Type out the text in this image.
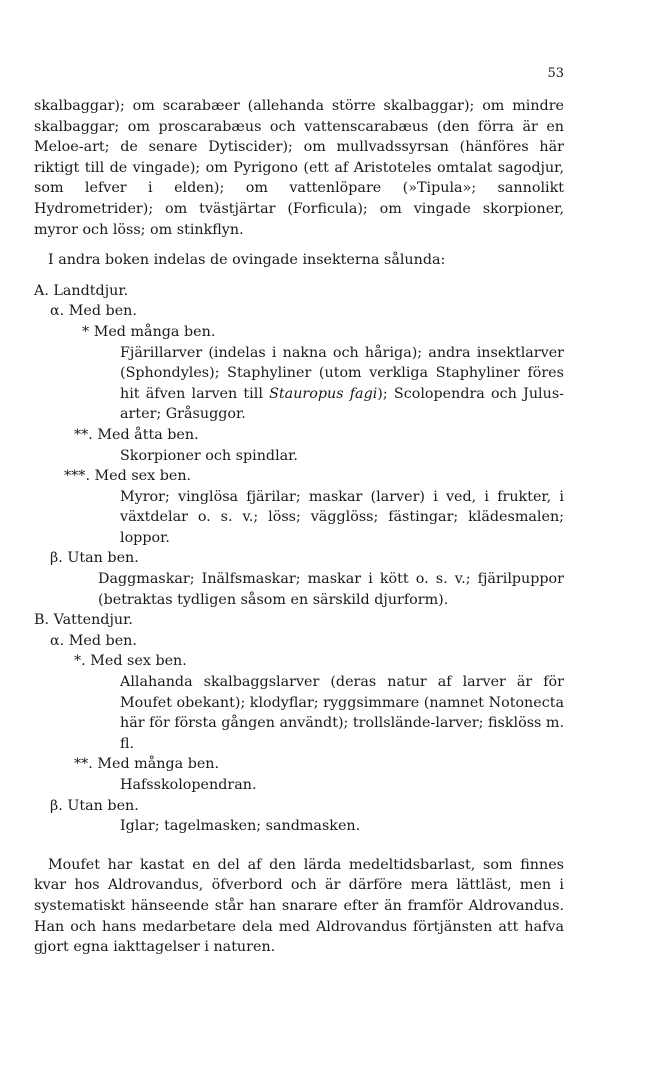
53

skalbaggar); om scarabæer (allehanda större skalbaggar); om mindre skalbaggar; om proscarabæus och vattenscarabæus (den förra är en Meloe-art; de senare Dytiscider); om mullvadssyrsan (hänföres här riktigt till de vingade); om Pyrigono (ett af Aristoteles omtalat sagodjur, som lefver i elden); om vattenlöpare (»Tipula»; sannolikt Hydrometrider); om tvästjärtar (Forficula); om vingade skorpioner, myror och löss; om stinkflyn.

I andra boken indelas de ovingade insekterna sålunda:

A. Landtdjur.
α. Med ben.
* Med många ben.

Fjärillarver (indelas i nakna och håriga); andra insektlarver (Sphondyles); Staphyliner (utom verkliga Staphyliner föres hit äfven larven till Stauropus fagi); Scolopendra och Julus-arter; Gråsuggor.

**. Med åtta ben.

Skorpioner och spindlar.

***. Med sex ben.

Myror; vinglösa fjärilar; maskar (larver) i ved, i frukter, i växtdelar o. s. v.; löss; vägglöss; fästingar; klädesmalen; loppor.

β. Utan ben.

Daggmaskar; Inälfsmaskar; maskar i kött o. s. v.; fjärilpuppor (betraktas tydligen såsom en särskild djurform).

B. Vattendjur.
α. Med ben.
*. Med sex ben.

Allahanda skalbaggslarver (deras natur af larver är för Moufet obekant); klodyflar; ryggsimmare (namnet Notonecta här för första gången användt); trollslände-larver; fisklöss m. fl.

**. Med många ben.

Hafsskolopendran.

β. Utan ben.

Iglar; tagelmasken; sandmasken.

Moufet har kastat en del af den lärda medeltidsbarlast, som finnes kvar hos Aldrovandus, öfverbord och är därföre mera lättläst, men i systematiskt hänseende står han snarare efter än framför Aldrovandus. Han och hans medarbetare dela med Aldrovandus förtjänsten att hafva gjort egna iakttagelser i naturen.
